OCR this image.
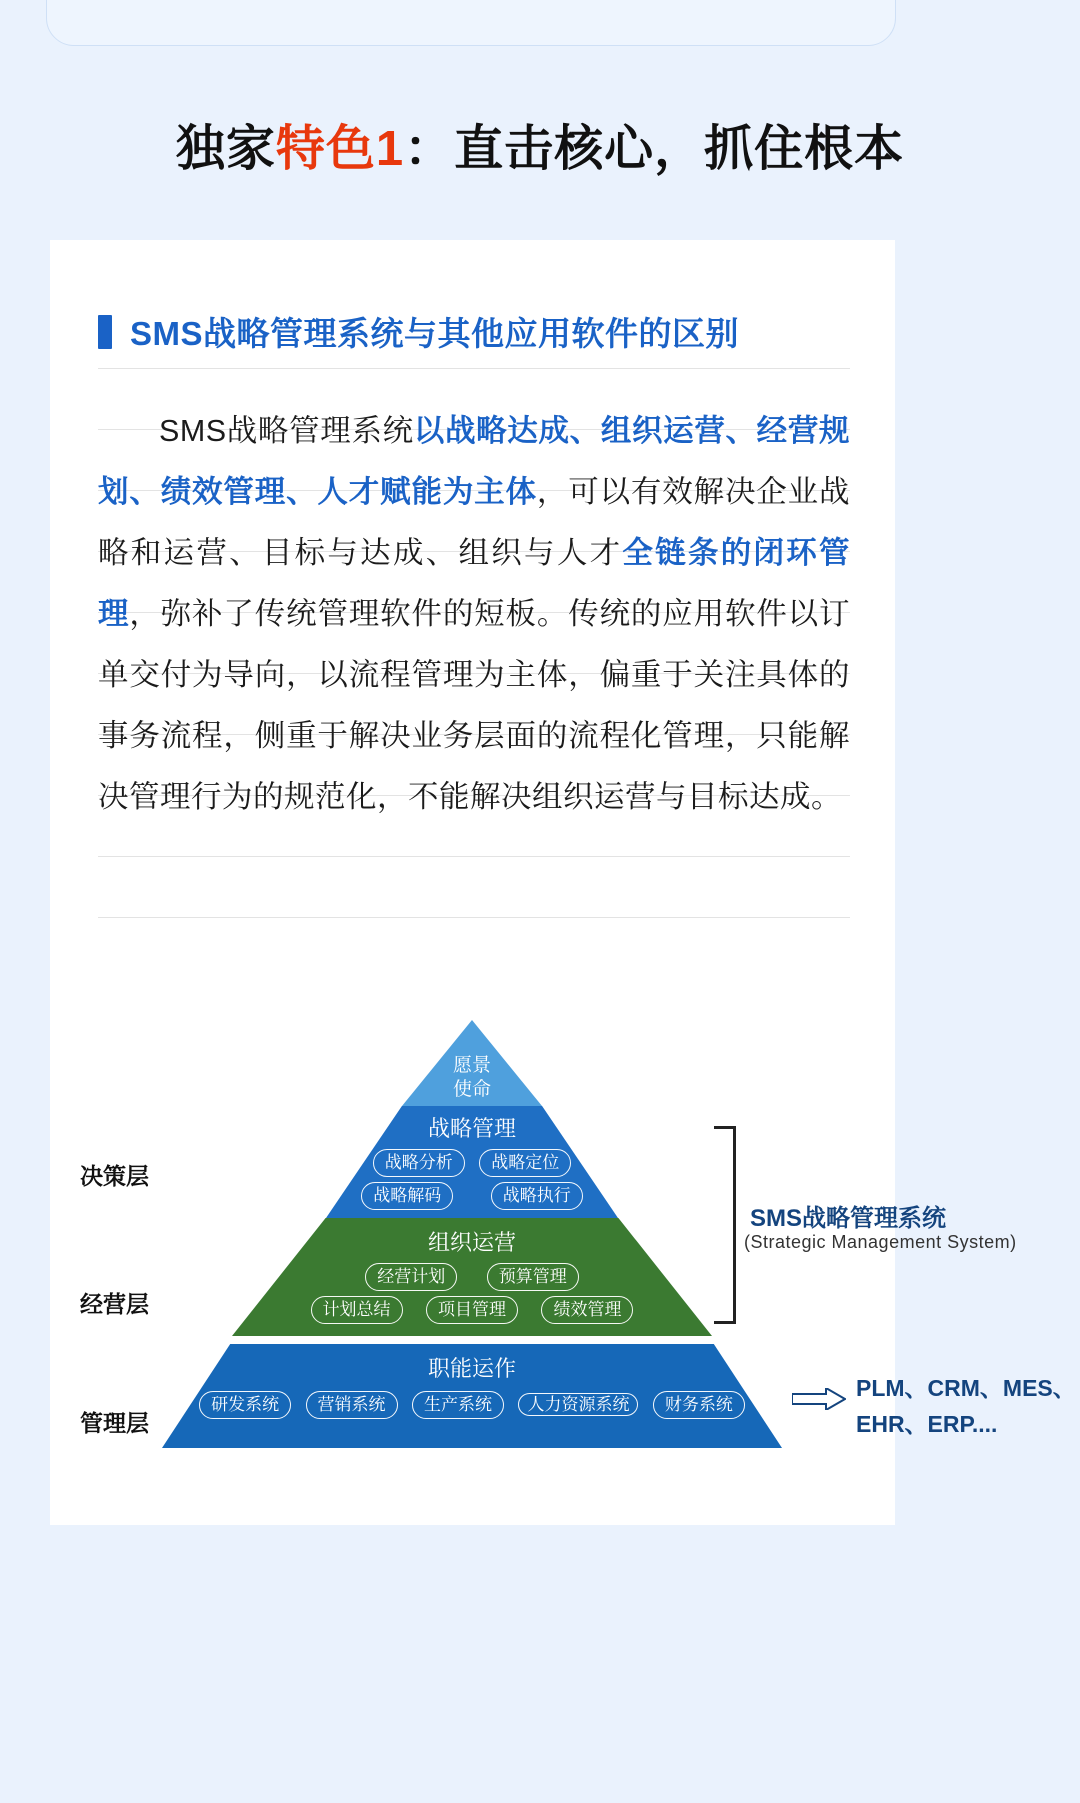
独家特色1：直击核心，抓住根本
SMS战略管理系统与其他应用软件的区别

SMS战略管理系统以战略达成、组织运营、经营规划、绩效管理、人才赋能为主体，可以有效解决企业战略和运营、目标与达成、组织与人才全链条的闭环管理，弥补了传统管理软件的短板。传统的应用软件以订单交付为导向，以流程管理为主体，偏重于关注具体的事务流程，侧重于解决业务层面的流程化管理，只能解决管理行为的规范化，不能解决组织运营与目标达成。

决策层
经营层
管理层
愿景
使命
战略管理
战略分析 战略定位
战略解码	战略执行
组织运营
经营计划	预算管理
计划总结	项目管理	绩效管理
职能运作
研发系统 营销系统 生产系统 人力资源系统 财务系统
SMS战略管理系统
(Strategic Management System)
PLM、CRM、MES、
EHR、ERP....
